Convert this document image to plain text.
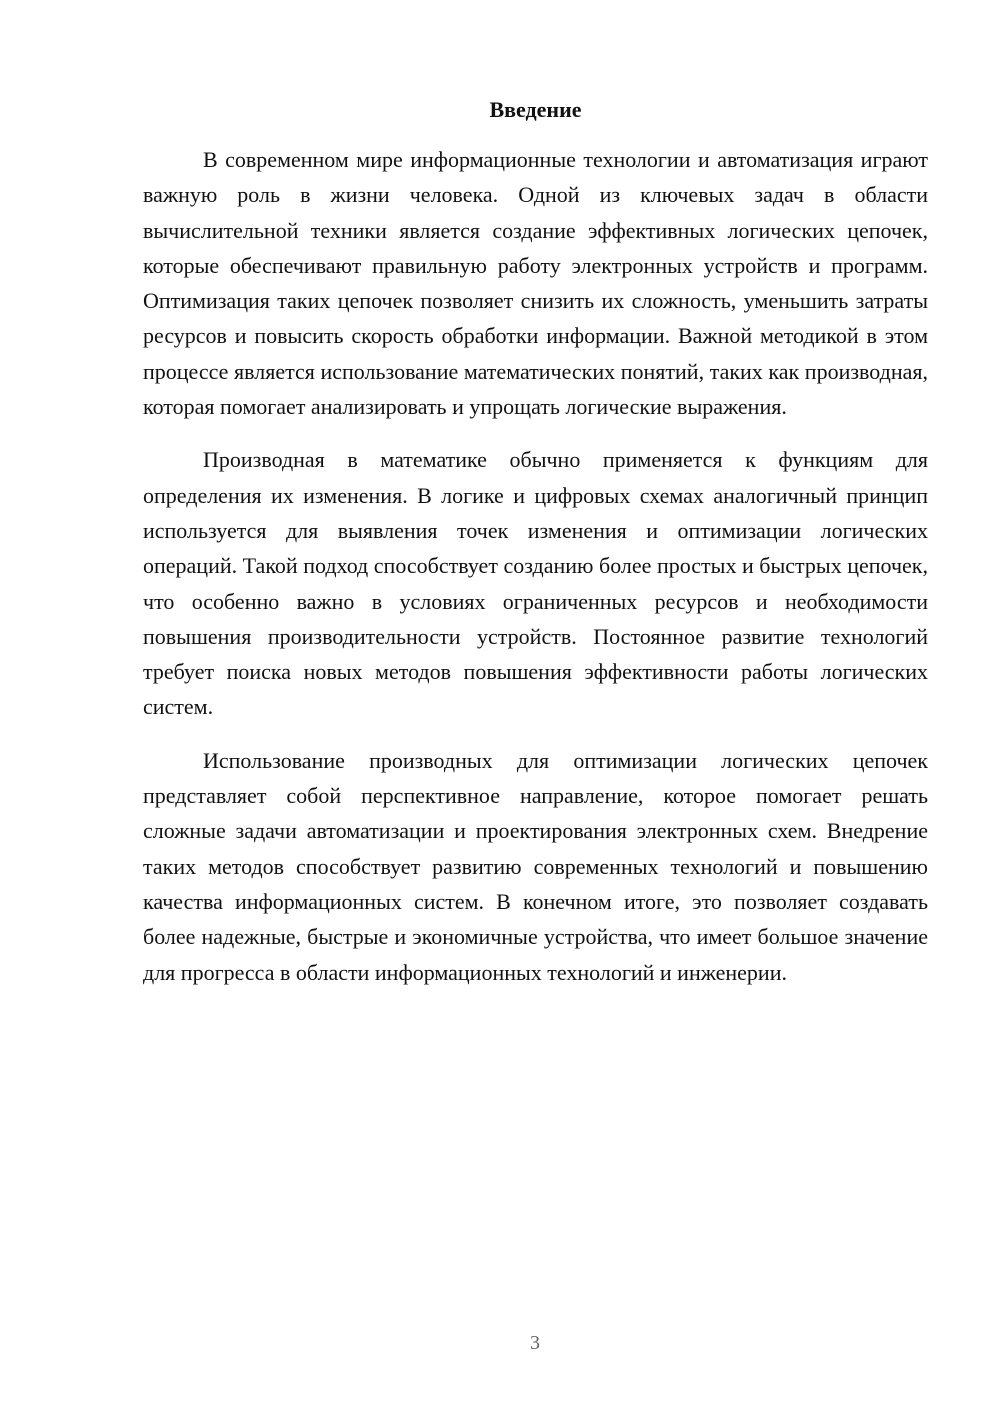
Введение

В современном мире информационные технологии и автоматизация играют важную роль в жизни человека. Одной из ключевых задач в области вычислительной техники является создание эффективных логических цепочек, которые обеспечивают правильную работу электронных устройств и программ. Оптимизация таких цепочек позволяет снизить их сложность, уменьшить затраты ресурсов и повысить скорость обработки информации. Важной методикой в этом процессе является использование математических понятий, таких как производная, которая помогает анализировать и упрощать логические выражения.

Производная в математике обычно применяется к функциям для определения их изменения. В логике и цифровых схемах аналогичный принцип используется для выявления точек изменения и оптимизации логических операций. Такой подход способствует созданию более простых и быстрых цепочек, что особенно важно в условиях ограниченных ресурсов и необходимости повышения производительности устройств. Постоянное развитие технологий требует поиска новых методов повышения эффективности работы логических систем.

Использование производных для оптимизации логических цепочек представляет собой перспективное направление, которое помогает решать сложные задачи автоматизации и проектирования электронных схем. Внедрение таких методов способствует развитию современных технологий и повышению качества информационных систем. В конечном итоге, это позволяет создавать более надежные, быстрые и экономичные устройства, что имеет большое значение для прогресса в области информационных технологий и инженерии.

3
